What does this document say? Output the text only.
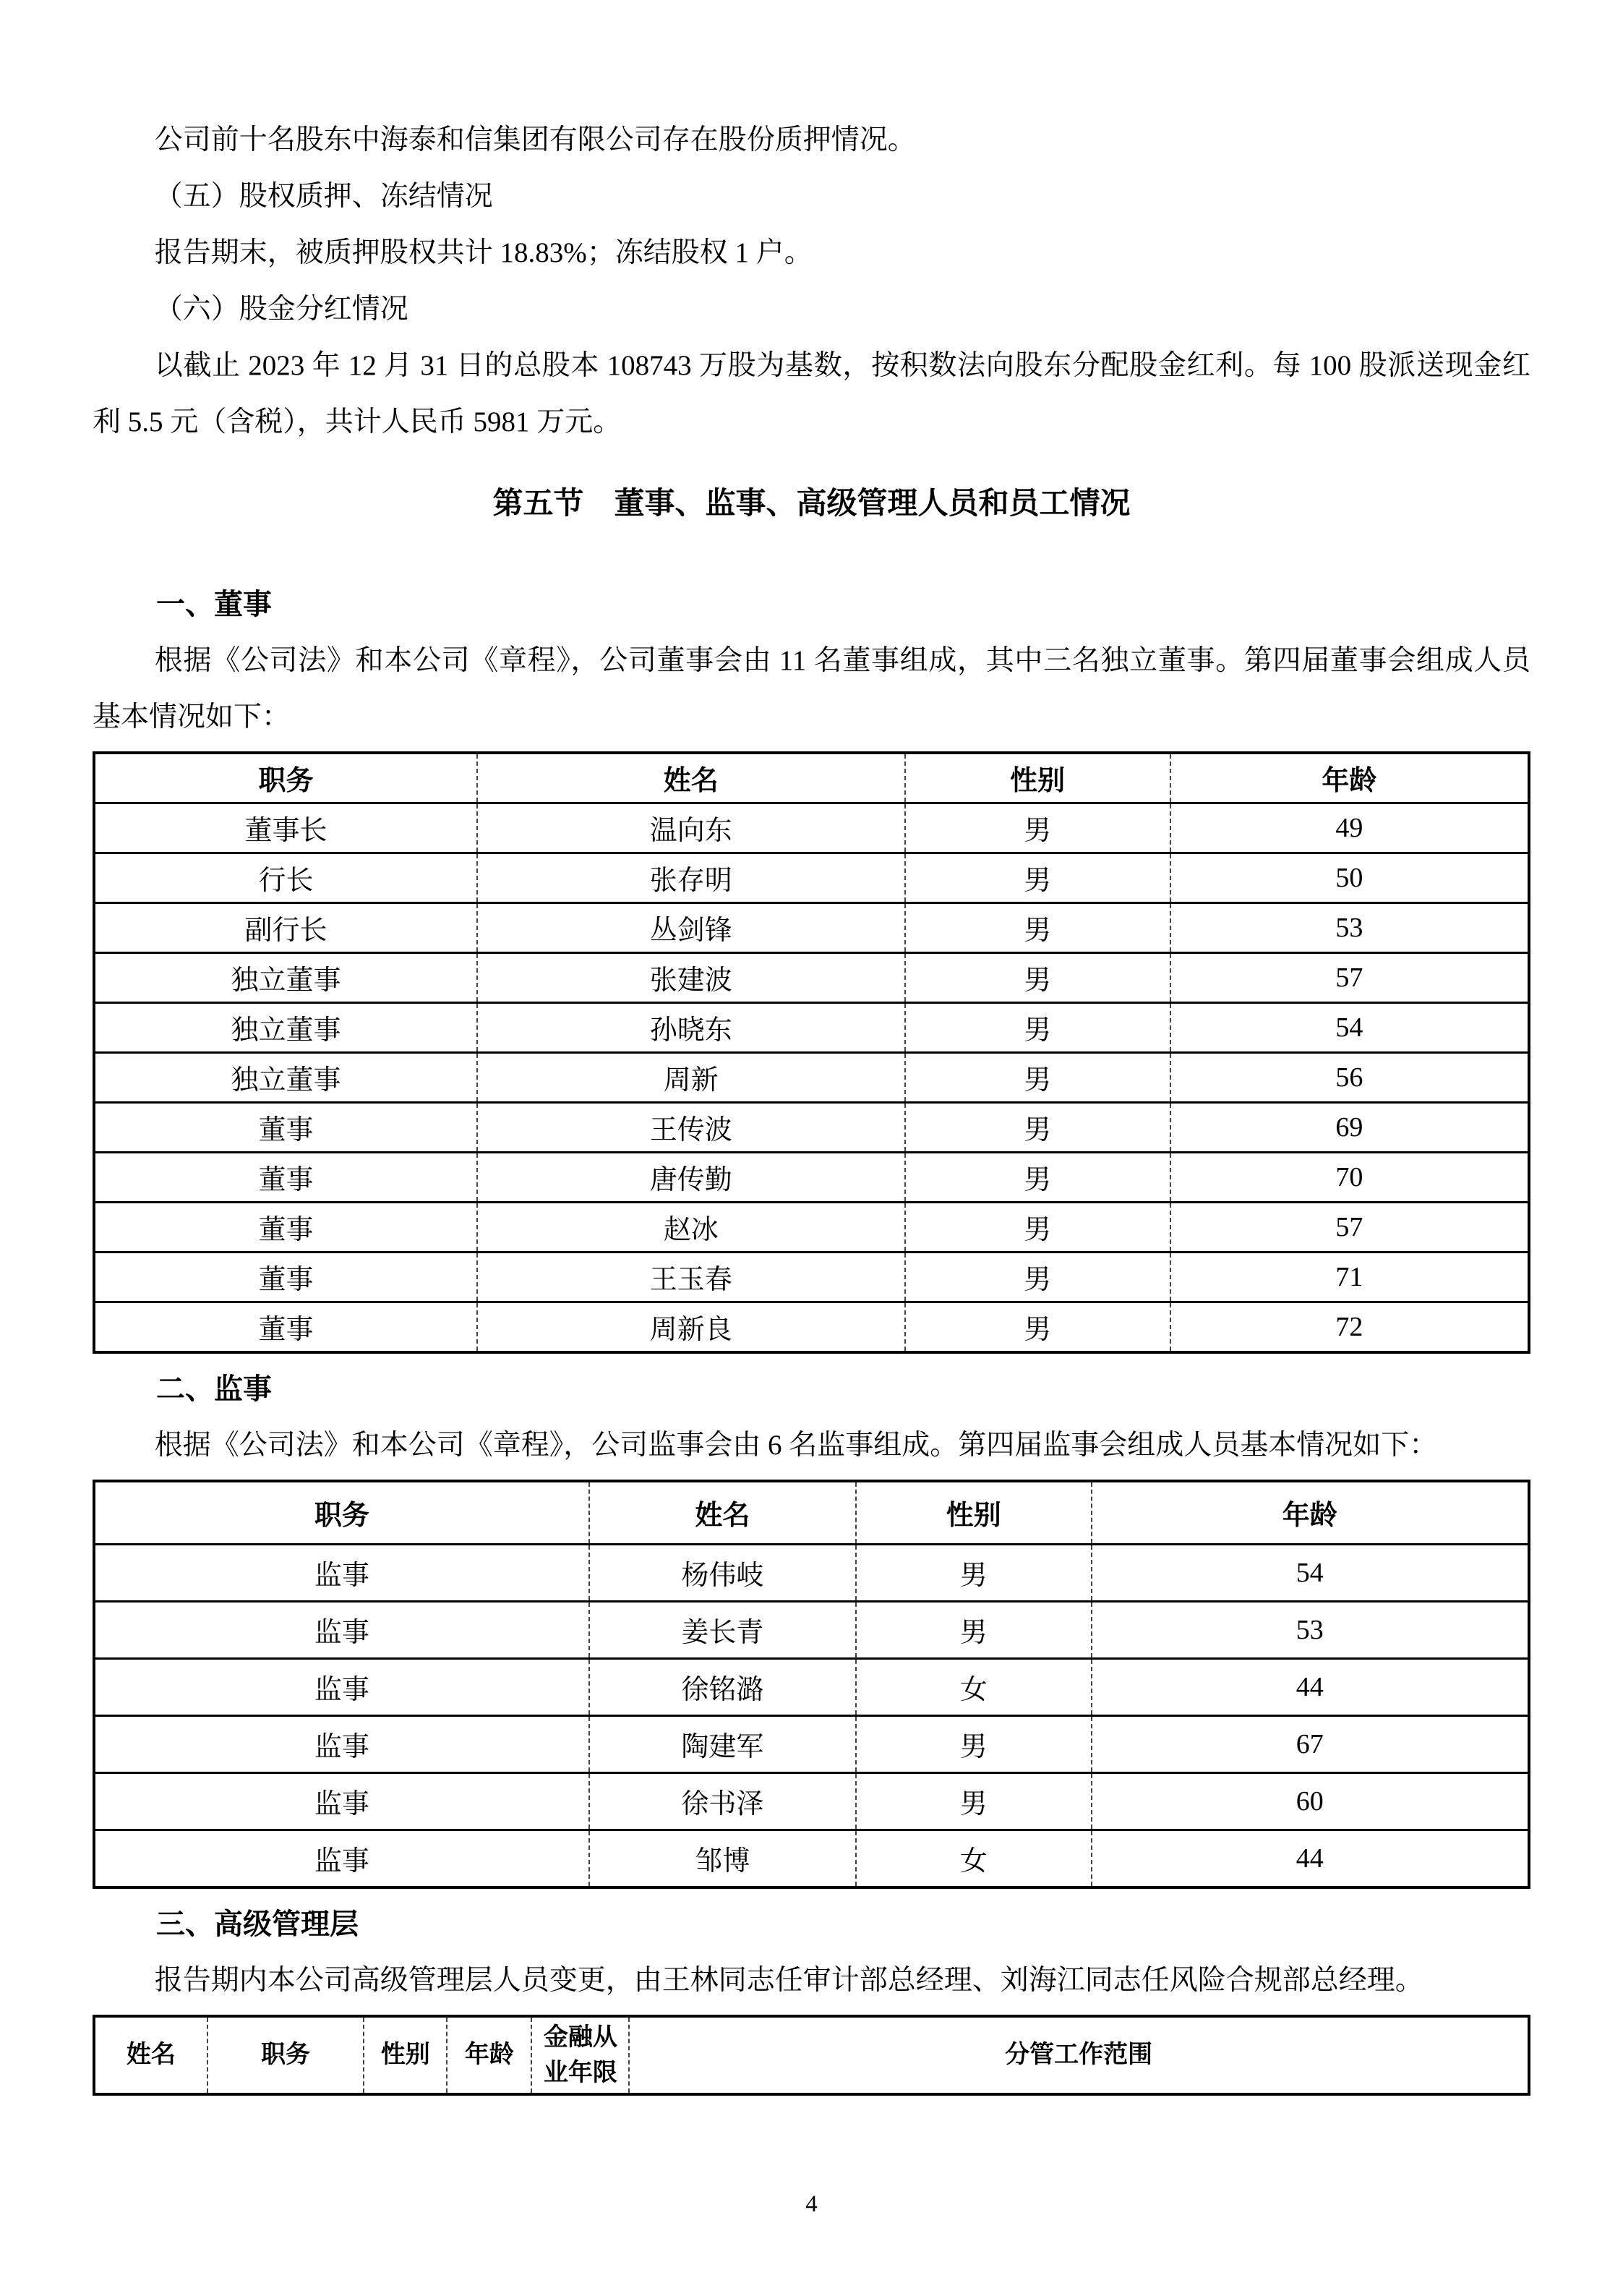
公司前十名股东中海泰和信集团有限公司存在股份质押情况。

（五）股权质押、冻结情况

报告期末，被质押股权共计 18.83%；冻结股权 1 户。

（六）股金分红情况

以截止 2023 年 12 月 31 日的总股本 108743 万股为基数，按积数法向股东分配股金红利。每 100 股派送现金红利 5.5 元（含税），共计人民币 5981 万元。

第五节　董事、监事、高级管理人员和员工情况
一、董事

根据《公司法》和本公司《章程》，公司董事会由 11 名董事组成，其中三名独立董事。第四届董事会组成人员基本情况如下：

职务	姓名	性别	年龄
董事长	温向东	男	49
行长	张存明	男	50
副行长	丛剑锋	男	53
独立董事	张建波	男	57
独立董事	孙晓东	男	54
独立董事	周新	男	56
董事	王传波	男	69
董事	唐传勤	男	70
董事	赵冰	男	57
董事	王玉春	男	71
董事	周新良	男	72
二、监事

根据《公司法》和本公司《章程》，公司监事会由 6 名监事组成。第四届监事会组成人员基本情况如下：

职务	姓名	性别	年龄
监事	杨伟岐	男	54
监事	姜长青	男	53
监事	徐铭潞	女	44
监事	陶建军	男	67
监事	徐书泽	男	60
监事	邹博	女	44
三、高级管理层

报告期内本公司高级管理层人员变更，由王林同志任审计部总经理、刘海江同志任风险合规部总经理。

姓名	职务	性别	年龄	金融从业年限	分管工作范围
4
